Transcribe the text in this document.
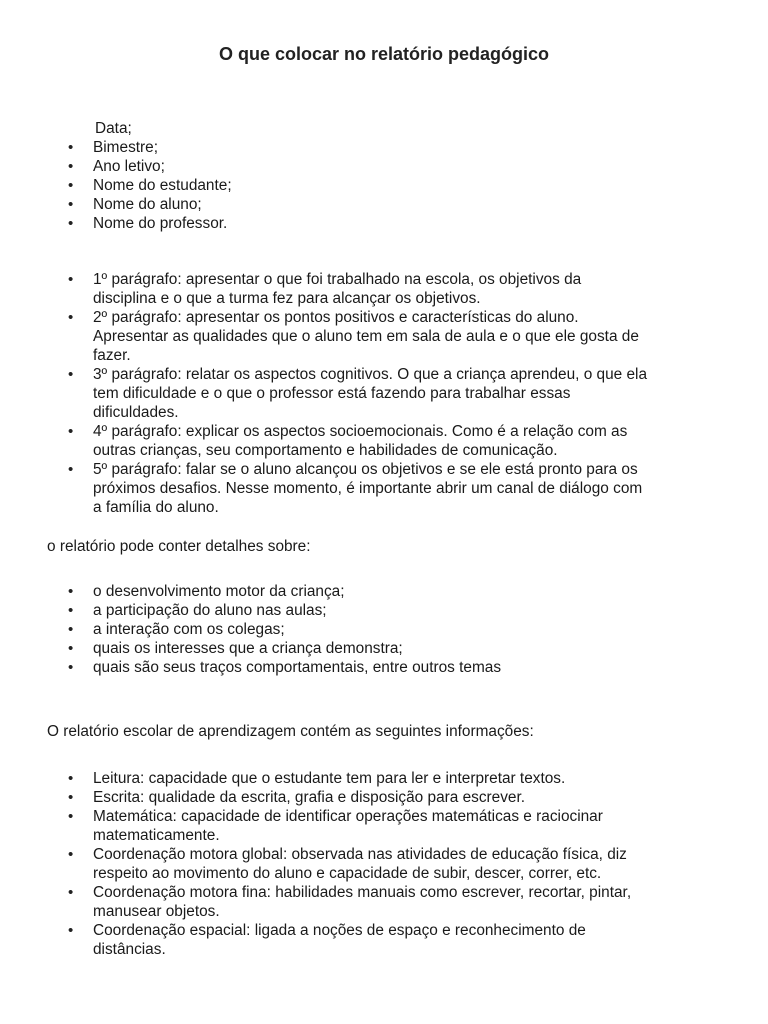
O que colocar no relatório pedagógico
Data;
• Bimestre;
• Ano letivo;
• Nome do estudante;
• Nome do aluno;
• Nome do professor.
• 1º parágrafo: apresentar o que foi trabalhado na escola, os objetivos da
disciplina e o que a turma fez para alcançar os objetivos.
• 2º parágrafo: apresentar os pontos positivos e características do aluno.
Apresentar as qualidades que o aluno tem em sala de aula e o que ele gosta de
fazer.
• 3º parágrafo: relatar os aspectos cognitivos. O que a criança aprendeu, o que ela
tem dificuldade e o que o professor está fazendo para trabalhar essas
dificuldades.
• 4º parágrafo: explicar os aspectos socioemocionais. Como é a relação com as
outras crianças, seu comportamento e habilidades de comunicação.
• 5º parágrafo: falar se o aluno alcançou os objetivos e se ele está pronto para os
próximos desafios. Nesse momento, é importante abrir um canal de diálogo com
a família do aluno.
o relatório pode conter detalhes sobre:
• o desenvolvimento motor da criança;
• a participação do aluno nas aulas;
• a interação com os colegas;
• quais os interesses que a criança demonstra;
• quais são seus traços comportamentais, entre outros temas
O relatório escolar de aprendizagem contém as seguintes informações:
• Leitura: capacidade que o estudante tem para ler e interpretar textos.
• Escrita: qualidade da escrita, grafia e disposição para escrever.
• Matemática: capacidade de identificar operações matemáticas e raciocinar
matematicamente.
• Coordenação motora global: observada nas atividades de educação física, diz
respeito ao movimento do aluno e capacidade de subir, descer, correr, etc.
• Coordenação motora fina: habilidades manuais como escrever, recortar, pintar,
manusear objetos.
• Coordenação espacial: ligada a noções de espaço e reconhecimento de
distâncias.
